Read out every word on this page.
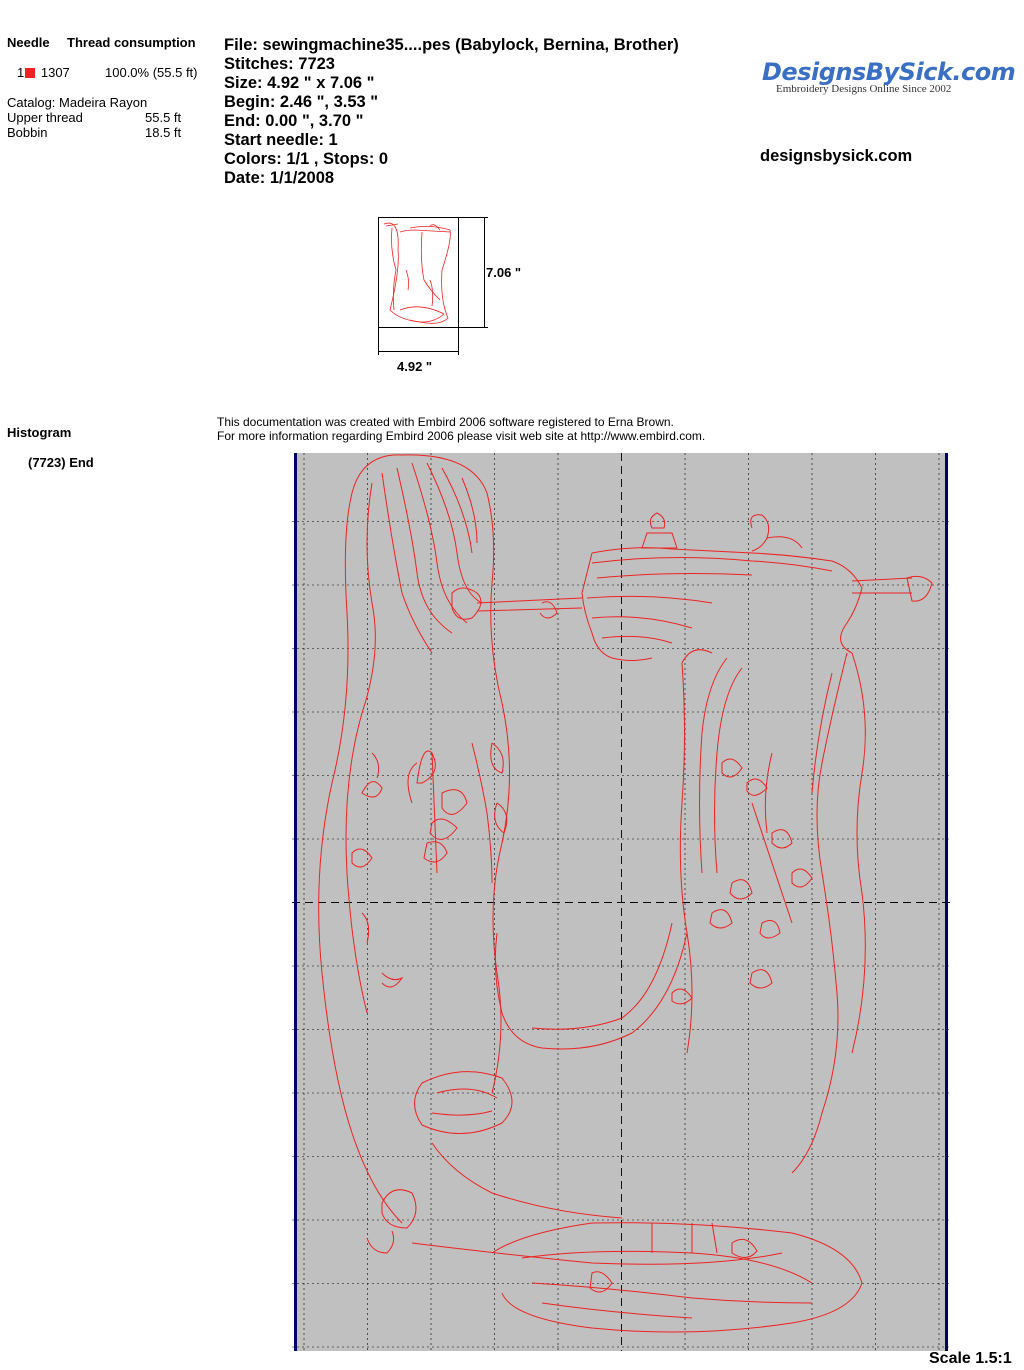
Needle Thread consumption
1 1307	100.0% (55.5 ft)
Catalog: Madeira Rayon
Upper thread	55.5 ft
Bobbin	18.5 ft
File: sewingmachine35....pes (Babylock, Bernina, Brother)
Stitches: 7723
Size: 4.92 " x 7.06 "
Begin: 2.46 ", 3.53 "
End: 0.00 ", 3.70 "
Start needle: 1
Colors: 1/1 , Stops: 0
Date: 1/1/2008
DesignsBySick.com
Embroidery Designs Online Since 2002
designsbysick.com
7.06 "
4.92 "
Histogram
(7723) End
This documentation was created with Embird 2006 software registered to Erna Brown.
For more information regarding Embird 2006 please visit web site at http://www.embird.com.
Scale 1.5:1
